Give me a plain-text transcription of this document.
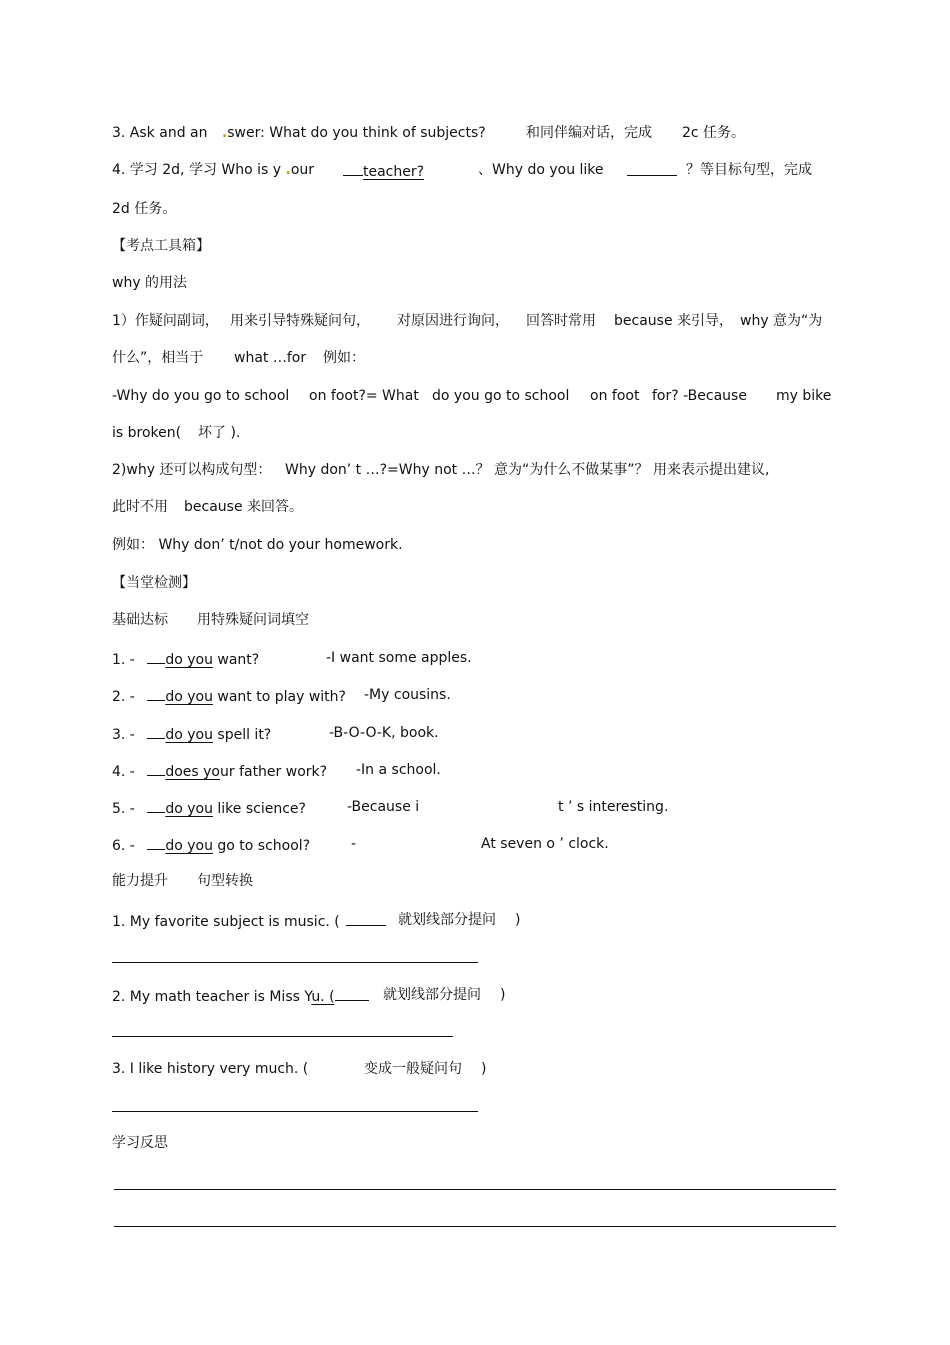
3. Ask and an .swer: What do you think of subjects?	和同伴编对话，完成 2c 任务。
4. 学习 2d, 学习 Who is y .our	teacher?	、Why do you like	？等目标句型，完成
2d 任务。
【考点工具箱】
why 的用法
1）作疑问副词， 用来引导特殊疑问句， 对原因进行询问， 回答时常用 because 来引导， why 意为“为
什么”，相当于 what …for 例如：
-Why do you go to school on foot?= What do you go to school on foot for? -Because my bike
is broken( 坏了 ).
2)why 还可以构成句型： Why don’ t …?=Why not …？ 意为“为什么不做某事”？ 用来表示提出建议,
此时不用 because 来回答。
例如： Why don’ t/not do your homework.
【当堂检测】
基础达标 用特殊疑问词填空
1. - do you want?	-I want some apples.
2. - do you want to play with? -My cousins.
3. - do you spell it?	-B-O-O-K, book.
4. - does your father work? -In a school.
5. - do you like science?	-Because i	t ’ s interesting.
6. - do you go to school?	-	At seven o ’ clock.
能力提升 句型转换
1. My favorite subject is music. (	就划线部分提问 )
2. My math teacher is Miss Yu. (	就划线部分提问 )
3. I like history very much. (	变成一般疑问句 )
学习反思
